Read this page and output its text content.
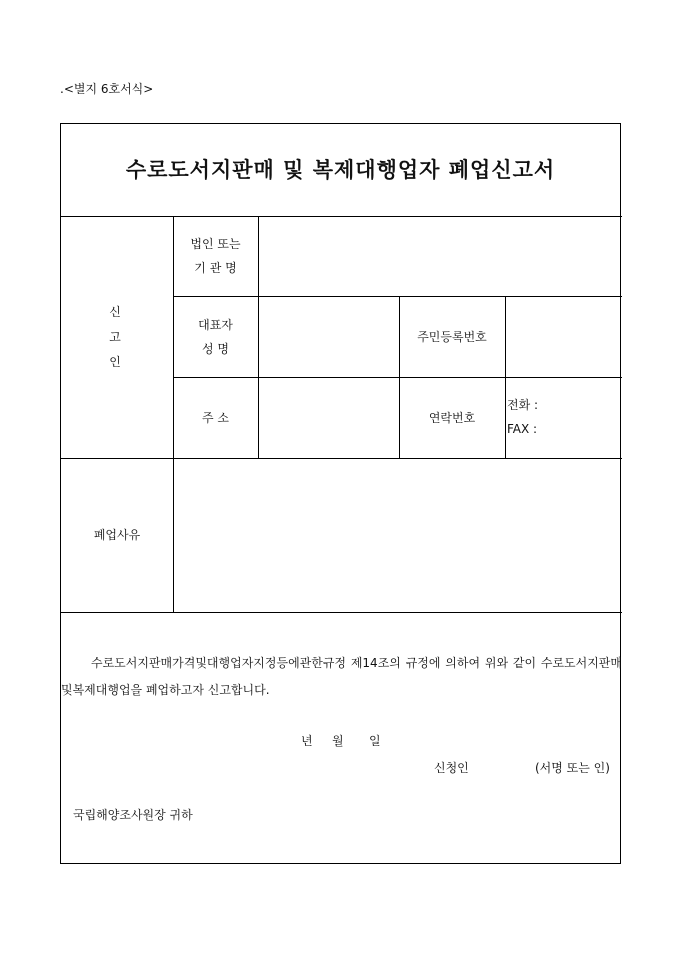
.<별지 6호서식>
수로도서지판매 및 복제대행업자 폐업신고서
신
고
인
법인 또는
기 관 명
대표자
성 명
주민등록번호
주 소	연락번호
전화 :
FAX :
폐업사유
수로도서지판매가격및대행업자지정등에관한규정 제14조의 규정에 의하여 위와 같이 수로도서지판매및복제대행업을 폐업하고자 신고합니다.
년 월 일
신청인	(서명 또는 인)
국립해양조사원장 귀하
